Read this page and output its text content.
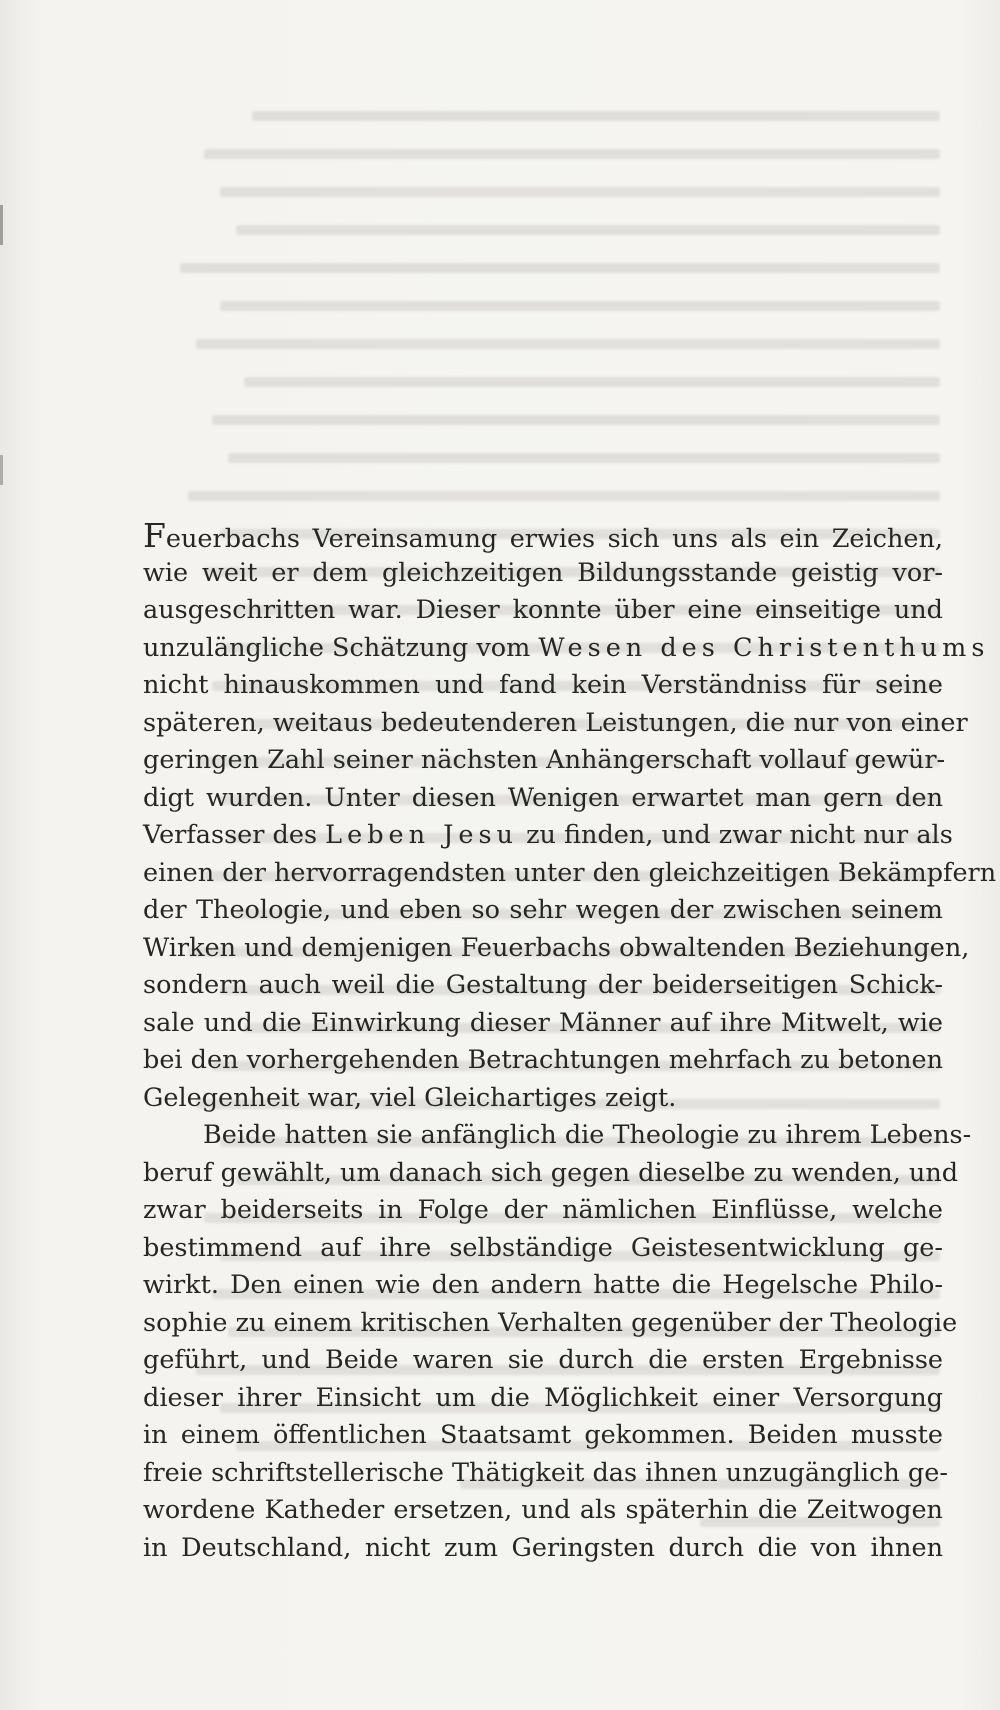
Feuerbachs Vereinsamung erwies sich uns als ein Zeichen,
wie weit er dem gleichzeitigen Bildungsstande geistig vor-
ausgeschritten war. Dieser konnte über eine einseitige und
unzulängliche Schätzung vom Wesen des Christenthums
nicht hinauskommen und fand kein Verständniss für seine
späteren, weitaus bedeutenderen Leistungen, die nur von einer
geringen Zahl seiner nächsten Anhängerschaft vollauf gewür-
digt wurden. Unter diesen Wenigen erwartet man gern den
Verfasser des Leben Jesu zu finden, und zwar nicht nur als
einen der hervorragendsten unter den gleichzeitigen Bekämpfern
der Theologie, und eben so sehr wegen der zwischen seinem
Wirken und demjenigen Feuerbachs obwaltenden Beziehungen,
sondern auch weil die Gestaltung der beiderseitigen Schick-
sale und die Einwirkung dieser Männer auf ihre Mitwelt, wie
bei den vorhergehenden Betrachtungen mehrfach zu betonen
Gelegenheit war, viel Gleichartiges zeigt.
Beide hatten sie anfänglich die Theologie zu ihrem Lebens-
beruf gewählt, um danach sich gegen dieselbe zu wenden, und
zwar beiderseits in Folge der nämlichen Einflüsse, welche
bestimmend auf ihre selbständige Geistesentwicklung ge-
wirkt. Den einen wie den andern hatte die Hegelsche Philo-
sophie zu einem kritischen Verhalten gegenüber der Theologie
geführt, und Beide waren sie durch die ersten Ergebnisse
dieser ihrer Einsicht um die Möglichkeit einer Versorgung
in einem öffentlichen Staatsamt gekommen. Beiden musste
freie schriftstellerische Thätigkeit das ihnen unzugänglich ge-
wordene Katheder ersetzen, und als späterhin die Zeitwogen
in Deutschland, nicht zum Geringsten durch die von ihnen
